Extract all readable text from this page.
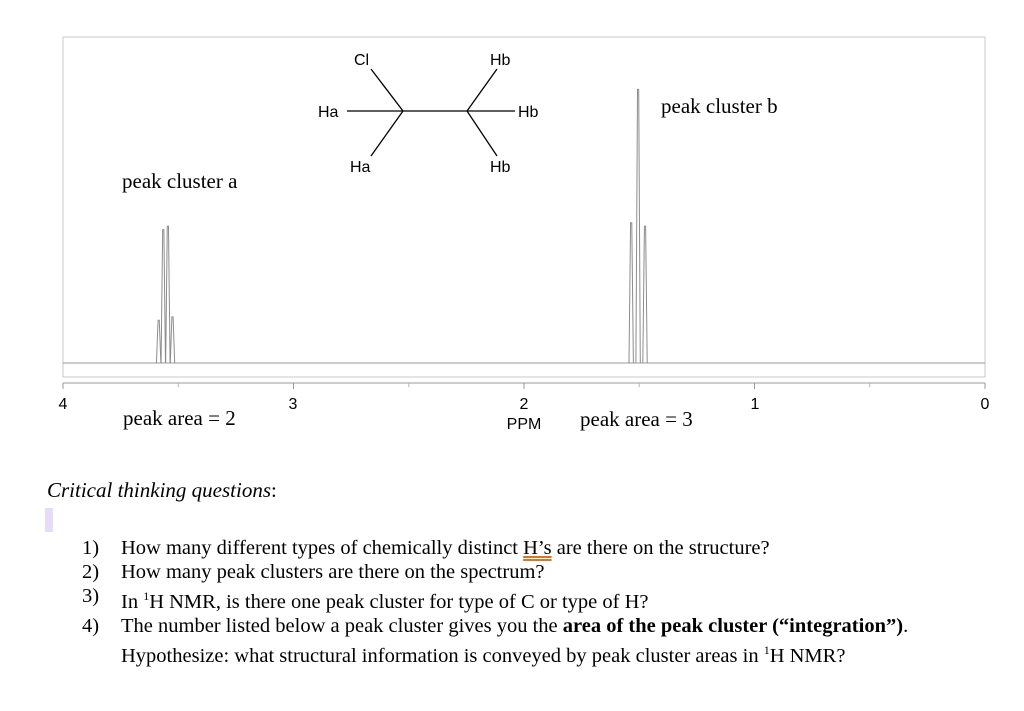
4	3	2	1	0
PPM
peak cluster a
peak cluster b
peak area = 2	peak area = 3
Cl
Ha
Ha
Hb
Hb
Hb

Critical thinking questions:

1)	How many different types of chemically distinct H’s are there on the structure?
2)	How many peak clusters are there on the spectrum?
3)	In $^1$H NMR, is there one peak cluster for type of C or type of H?
4)	The number listed below a peak cluster gives you the area of the peak cluster (“integration”). Hypothesize: what structural information is conveyed by peak cluster areas in $^1$H NMR?
